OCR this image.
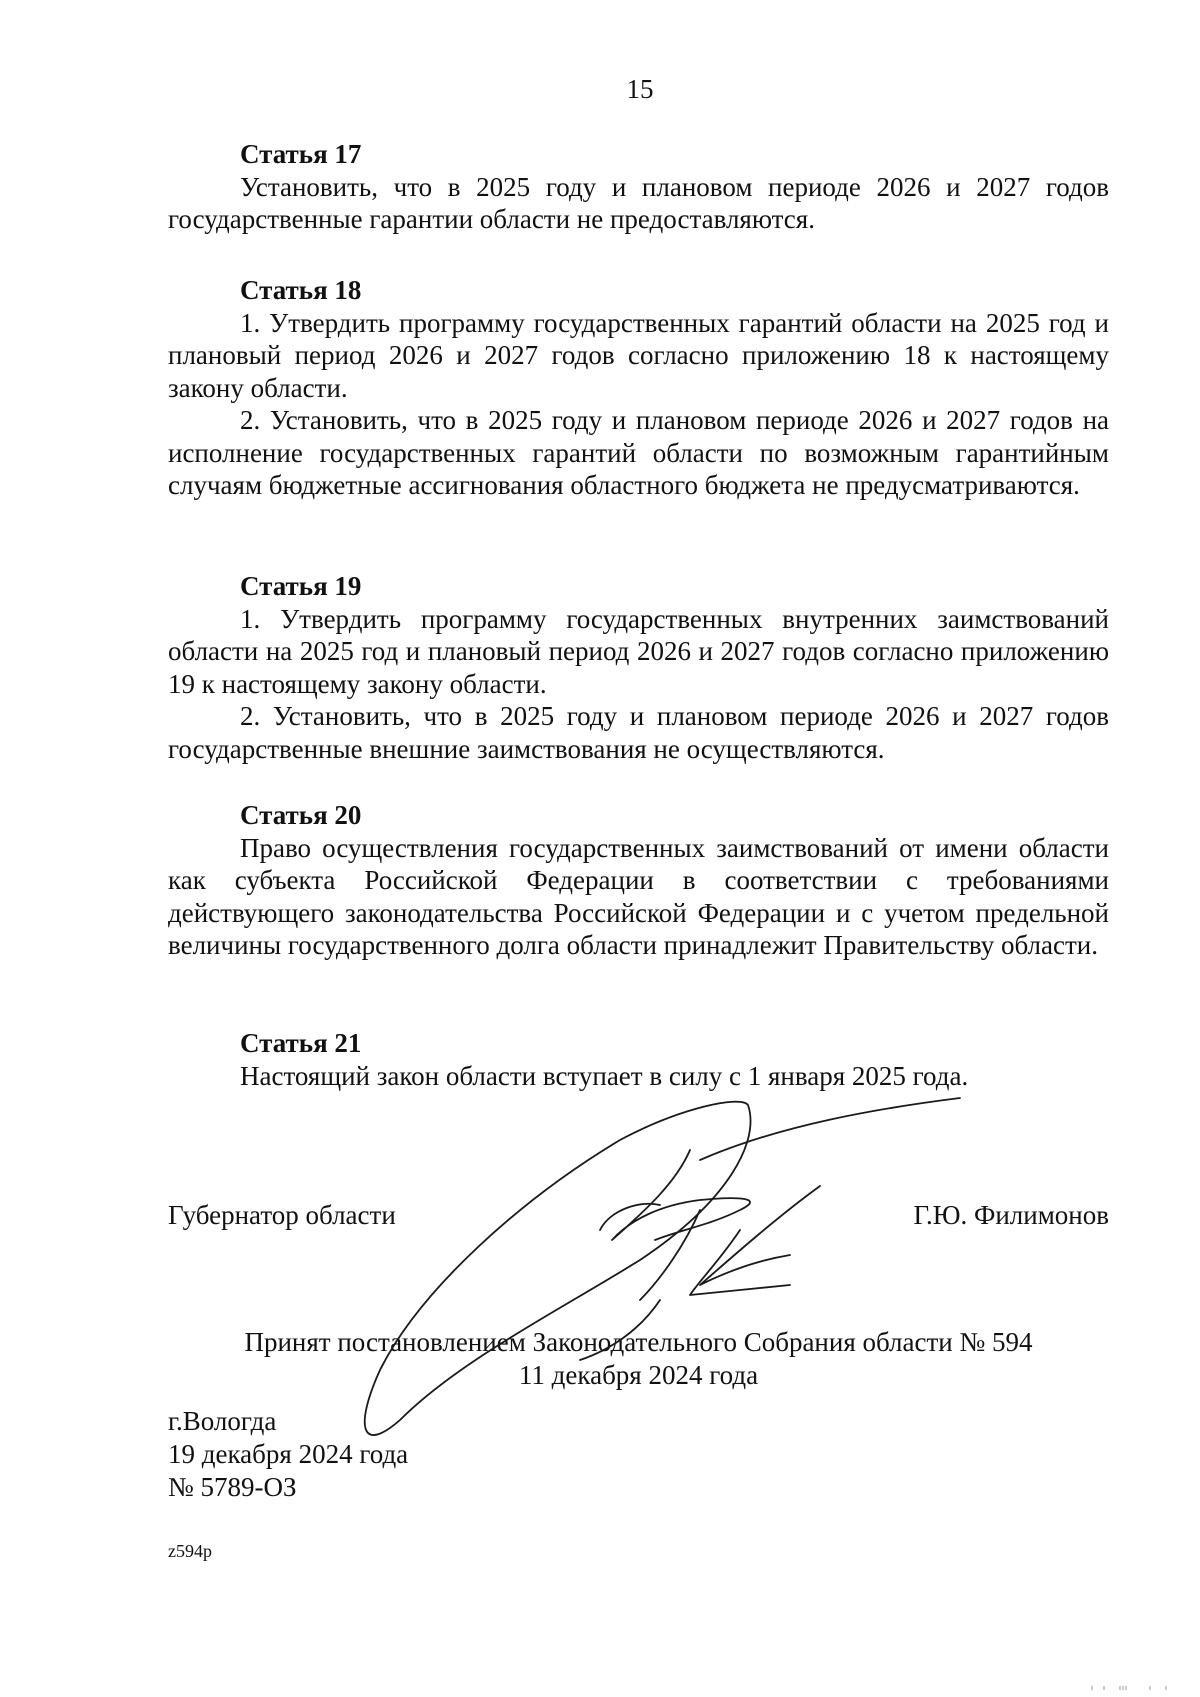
15

Статья 17

Установить, что в 2025 году и плановом периоде 2026 и 2027 годов государственные гарантии области не предоставляются.

Статья 18

1. Утвердить программу государственных гарантий области на 2025 год и плановый период 2026 и 2027 годов согласно приложению 18 к настоящему закону области.

2. Установить, что в 2025 году и плановом периоде 2026 и 2027 годов на исполнение государственных гарантий области по возможным гарантийным случаям бюджетные ассигнования областного бюджета не предусматриваются.

Статья 19

1. Утвердить программу государственных внутренних заимствований области на 2025 год и плановый период 2026 и 2027 годов согласно приложению 19 к настоящему закону области.

2. Установить, что в 2025 году и плановом периоде 2026 и 2027 годов государственные внешние заимствования не осуществляются.

Статья 20

Право осуществления государственных заимствований от имени области как субъекта Российской Федерации в соответствии с требованиями действующего законодательства Российской Федерации и с учетом предельной величины государственного долга области принадлежит Правительству области.

Статья 21

Настоящий закон области вступает в силу с 1 января 2025 года.

Губернатор области	Г.Ю. Филимонов
Принят постановлением Законодательного Собрания области № 594
11 декабря 2024 года
г.Вологда
19 декабря 2024 года
№ 5789-ОЗ
z594р
